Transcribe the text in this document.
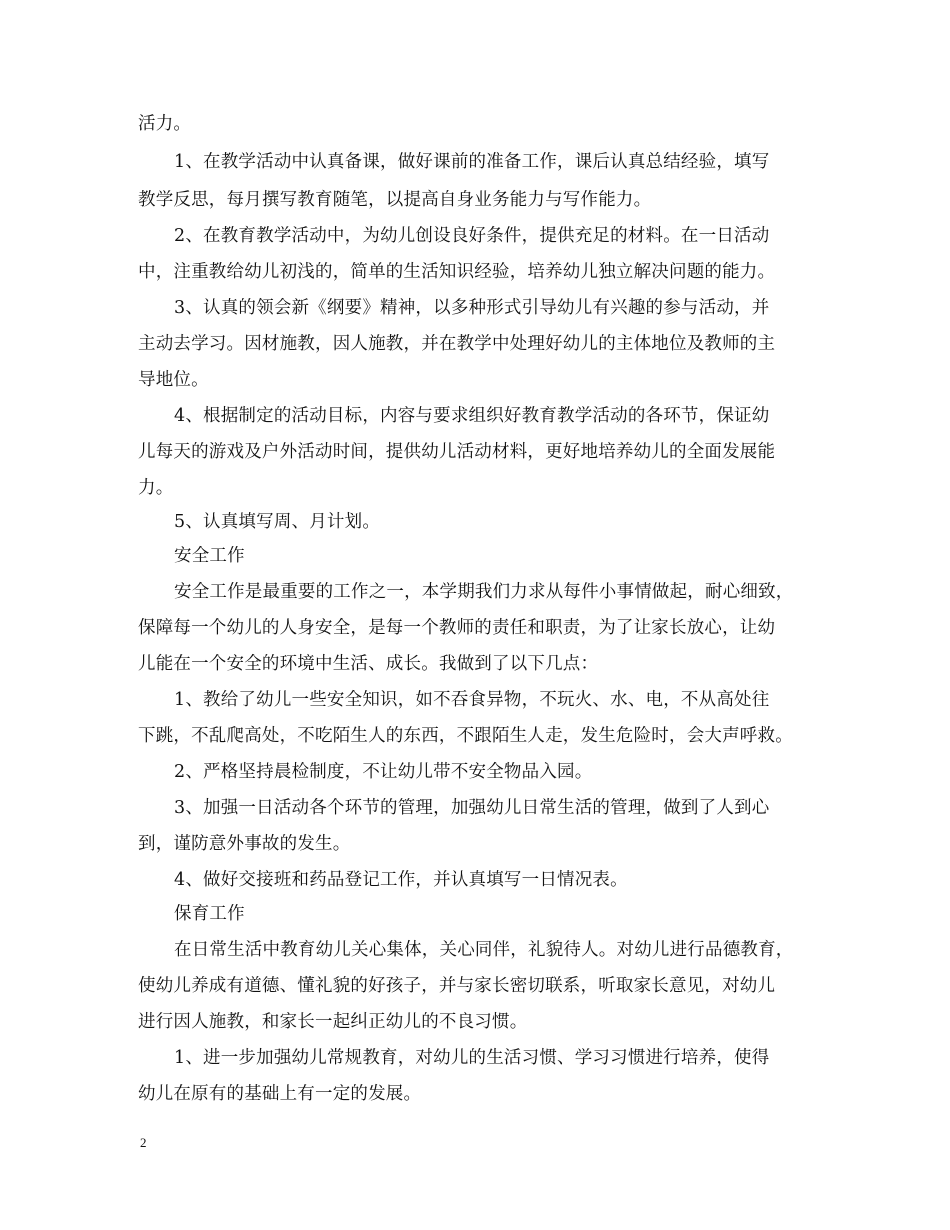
活力。
1、在教学活动中认真备课，做好课前的准备工作，课后认真总结经验，填写
教学反思，每月撰写教育随笔，以提高自身业务能力与写作能力。
2、在教育教学活动中，为幼儿创设良好条件，提供充足的材料。在一日活动
中，注重教给幼儿初浅的，简单的生活知识经验，培养幼儿独立解决问题的能力。
3、认真的领会新《纲要》精神，以多种形式引导幼儿有兴趣的参与活动，并
主动去学习。因材施教，因人施教，并在教学中处理好幼儿的主体地位及教师的主
导地位。
4、根据制定的活动目标，内容与要求组织好教育教学活动的各环节，保证幼
儿每天的游戏及户外活动时间，提供幼儿活动材料，更好地培养幼儿的全面发展能
力。
5、认真填写周、月计划。
安全工作
安全工作是最重要的工作之一，本学期我们力求从每件小事情做起，耐心细致，
保障每一个幼儿的人身安全，是每一个教师的责任和职责，为了让家长放心，让幼
儿能在一个安全的环境中生活、成长。我做到了以下几点：
1、教给了幼儿一些安全知识，如不吞食异物，不玩火、水、电，不从高处往
下跳，不乱爬高处，不吃陌生人的东西，不跟陌生人走，发生危险时，会大声呼救。
2、严格坚持晨检制度，不让幼儿带不安全物品入园。
3、加强一日活动各个环节的管理，加强幼儿日常生活的管理，做到了人到心
到，谨防意外事故的发生。
4、做好交接班和药品登记工作，并认真填写一日情况表。
保育工作
在日常生活中教育幼儿关心集体，关心同伴，礼貌待人。对幼儿进行品德教育，
使幼儿养成有道德、懂礼貌的好孩子，并与家长密切联系，听取家长意见，对幼儿
进行因人施教，和家长一起纠正幼儿的不良习惯。
1、进一步加强幼儿常规教育，对幼儿的生活习惯、学习习惯进行培养，使得
幼儿在原有的基础上有一定的发展。
2
